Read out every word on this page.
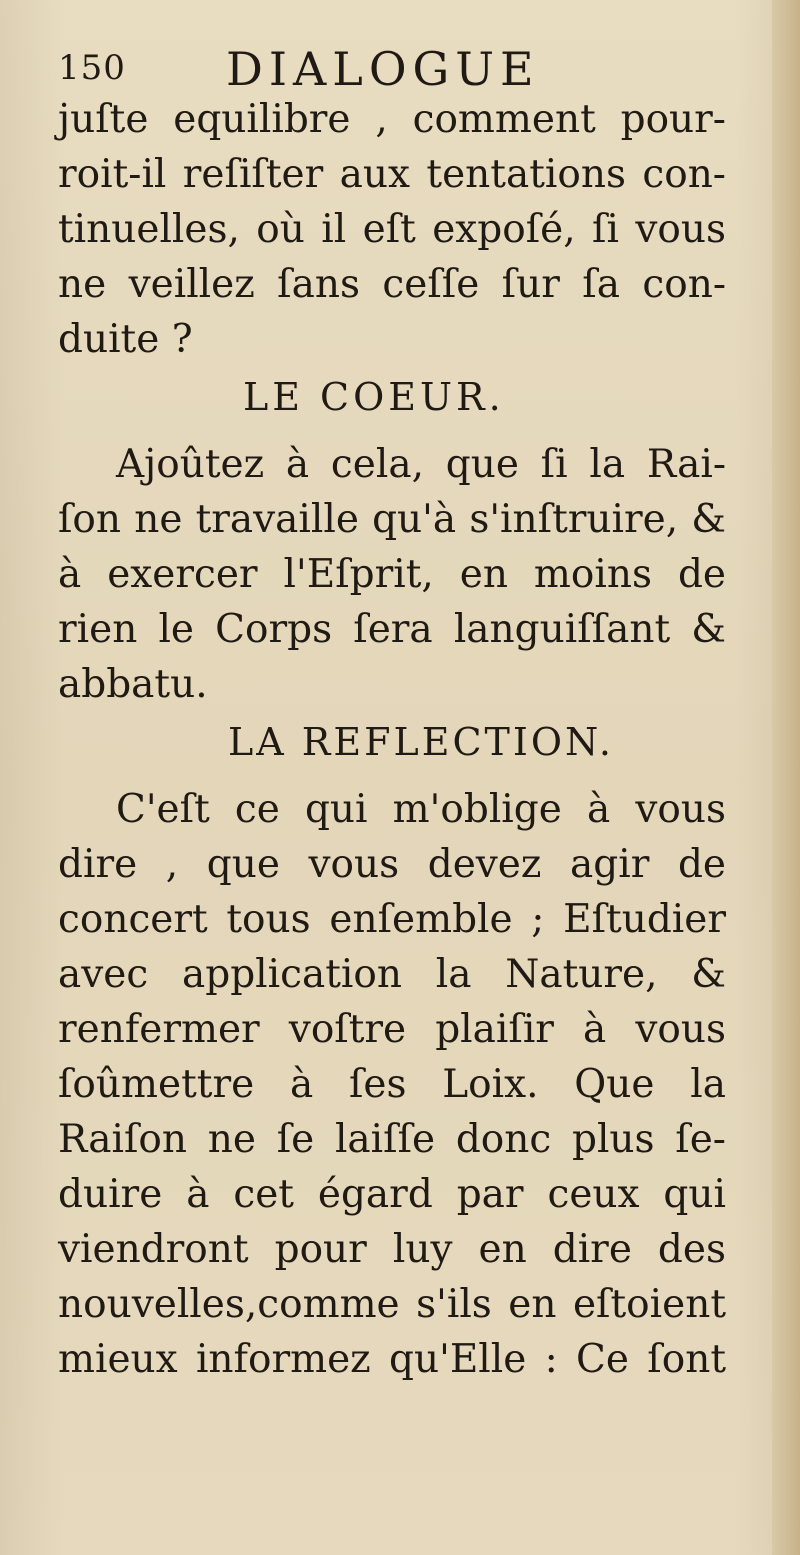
150 DIALOGUE
juſte equilibre , comment pour-
roit-il reſiſter aux tentations con-
tinuelles, où il eſt expoſé, ſi vous
ne veillez ſans ceſſe ſur ſa con-
duite ?
LE COEUR.
Ajoûtez à cela, que ſi la Rai-
ſon ne travaille qu'à s'inſtruire, &
à exercer l'Eſprit, en moins de
rien le Corps ſera languiſſant &
abbatu.
LA REFLECTION.
C'eſt ce qui m'oblige à vous
dire , que vous devez agir de
concert tous enſemble ; Eſtudier
avec application la Nature, &
renfermer voſtre plaiſir à vous
ſoûmettre à ſes Loix. Que la
Raiſon ne ſe laiſſe donc plus ſe-
duire à cet égard par ceux qui
viendront pour luy en dire des
nouvelles,comme s'ils en eſtoient
mieux informez qu'Elle : Ce ſont
